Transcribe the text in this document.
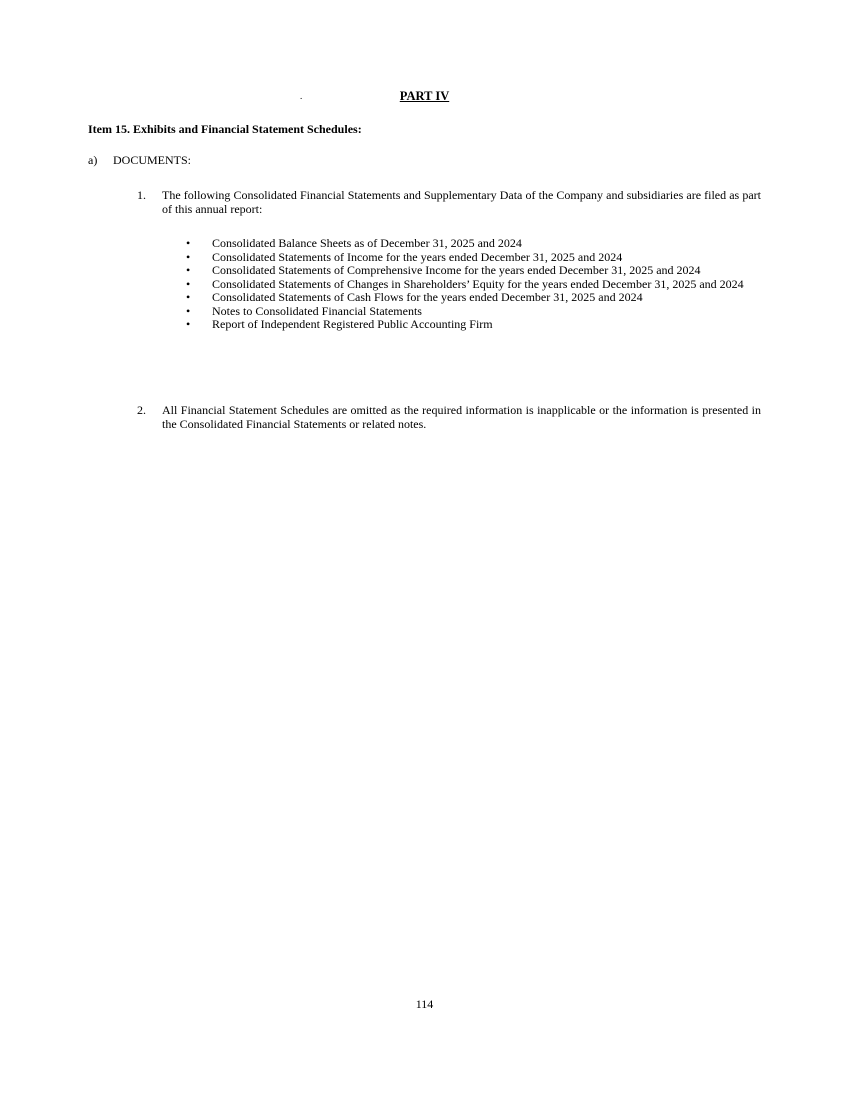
.	PART IV
Item 15. Exhibits and Financial Statement Schedules:
a) DOCUMENTS:
1. The following Consolidated Financial Statements and Supplementary Data of the Company and subsidiaries are filed as part of this annual report:
• Consolidated Balance Sheets as of December 31, 2025 and 2024
• Consolidated Statements of Income for the years ended December 31, 2025 and 2024
• Consolidated Statements of Comprehensive Income for the years ended December 31, 2025 and 2024
• Consolidated Statements of Changes in Shareholders’ Equity for the years ended December 31, 2025 and 2024
• Consolidated Statements of Cash Flows for the years ended December 31, 2025 and 2024
• Notes to Consolidated Financial Statements
• Report of Independent Registered Public Accounting Firm
2. All Financial Statement Schedules are omitted as the required information is inapplicable or the information is presented in the Consolidated Financial Statements or related notes.
114
